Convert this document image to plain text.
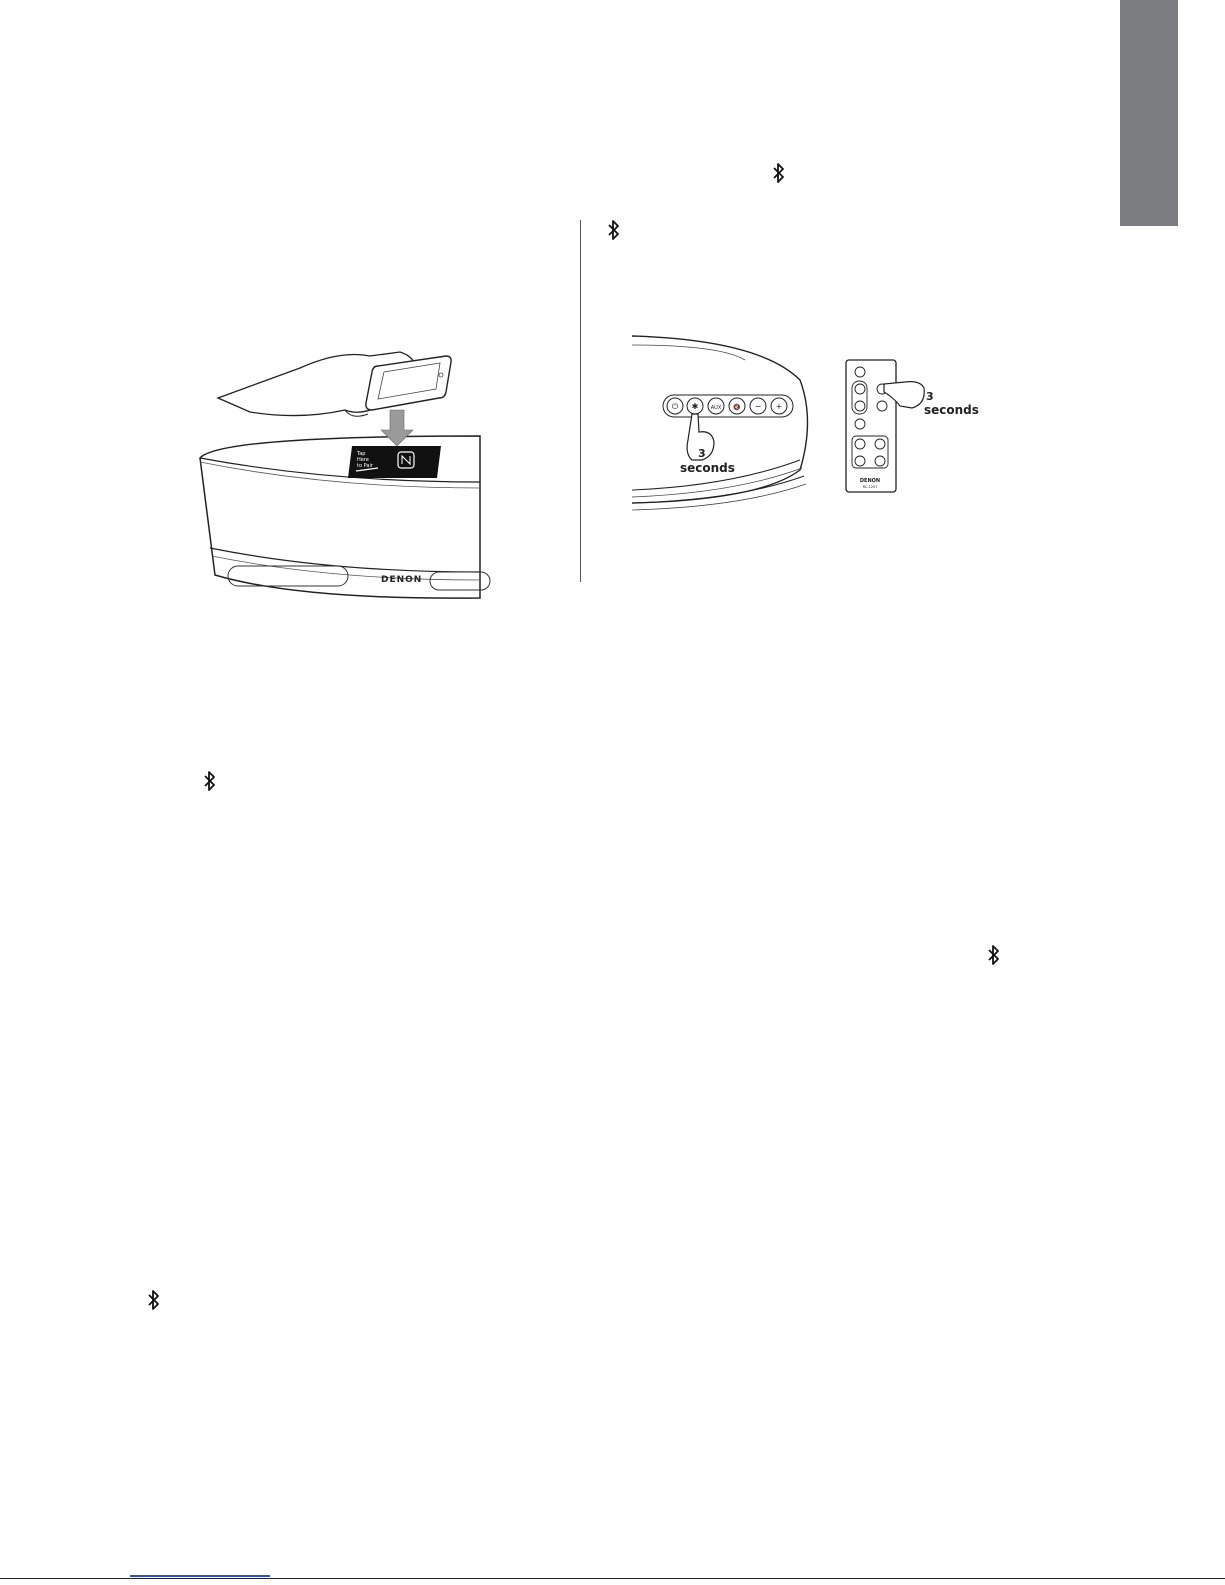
DENON
Tap
Here
to Pair
⏻ ✱ AUX 🔇 − +
3
seconds
DENON
RC-1207
3
seconds
